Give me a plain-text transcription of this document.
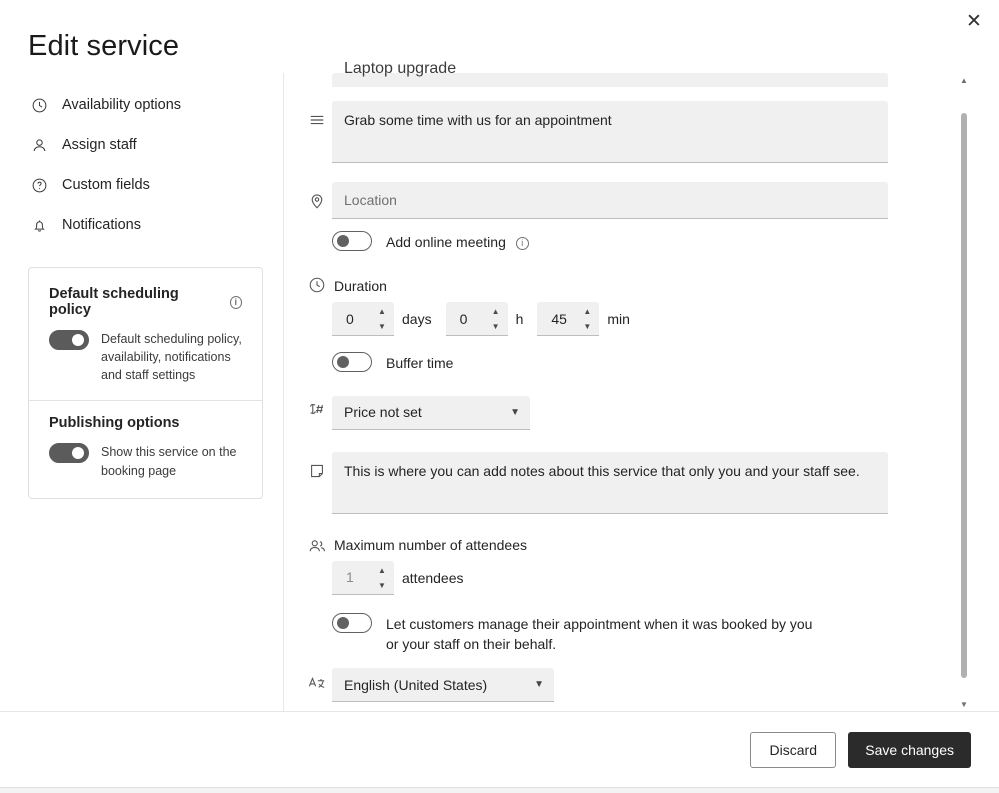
✕
Edit service
Availability options
Assign staff
Custom fields
Notifications
Default scheduling policy
i
Default scheduling policy, availability, notifications and staff settings
Publishing options
Show this service on the booking page
Laptop upgrade
Grab some time with us for an appointment
Location
Add online meeting i
Duration
0
▲
▼ days
0	▲
▼ h
45	▲
▼ min
Buffer time
Price not set	▼
This is where you can add notes about this service that only you and your staff see.
Maximum number of attendees
1
▲
▼ attendees
Let customers manage their appointment when it was booked by you or your staff on their behalf.
English (United States)	▼
▲
▼
Discard	Save changes
